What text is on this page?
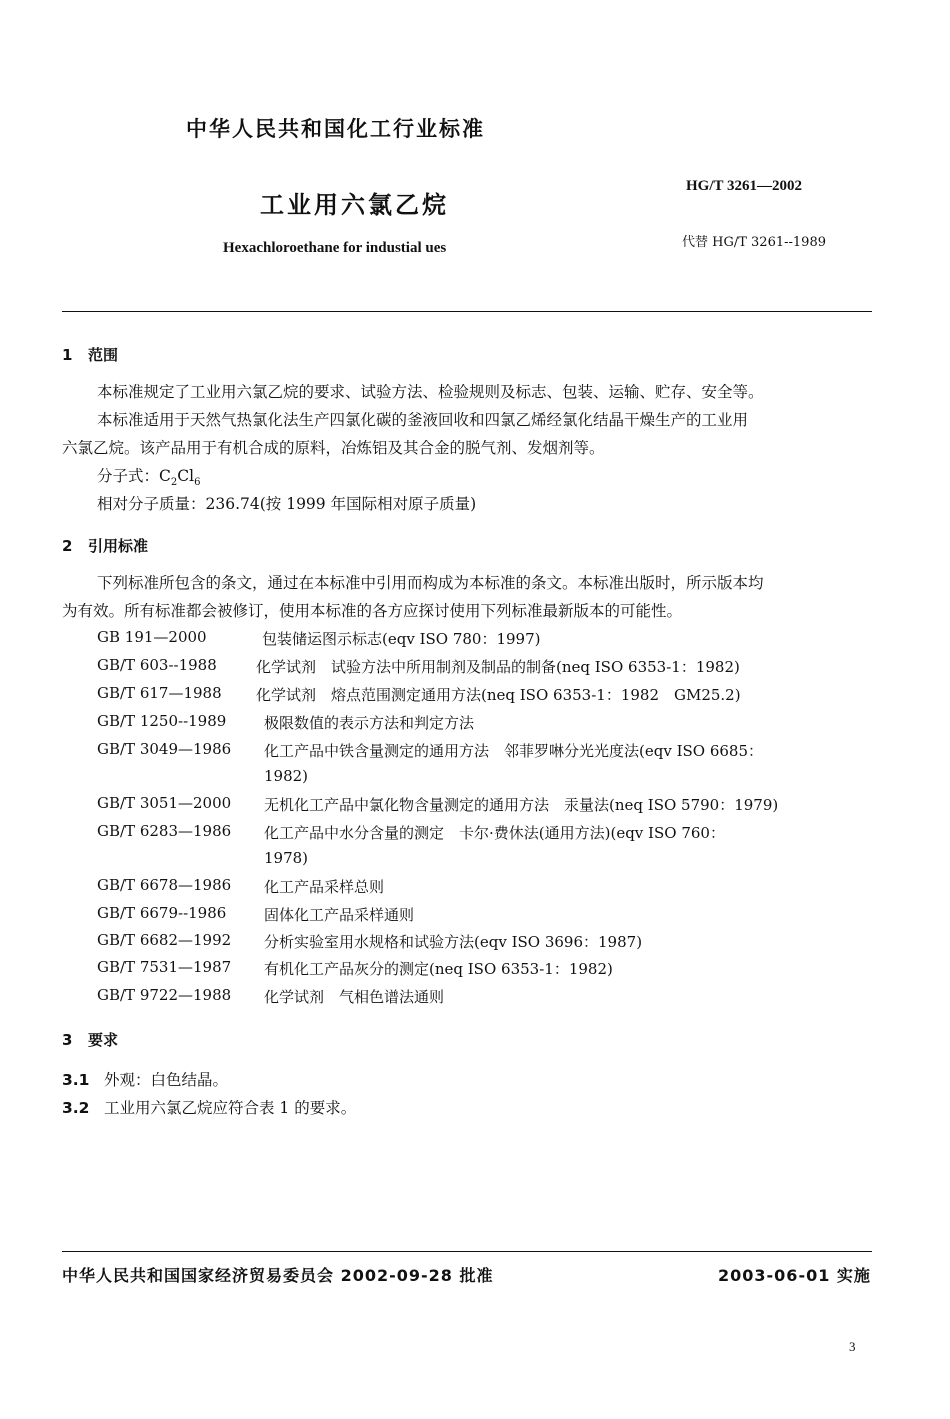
中华人民共和国化工行业标准
HG/T 3261—2002
工业用六氯乙烷
Hexachloroethane for industial ues	代替 HG/T 3261--1989
1 范围
本标准规定了工业用六氯乙烷的要求、试验方法、检验规则及标志、包装、运输、贮存、安全等。
本标准适用于天然气热氯化法生产四氯化碳的釜液回收和四氯乙烯经氯化结晶干燥生产的工业用
六氯乙烷。该产品用于有机合成的原料，冶炼铝及其合金的脱气剂、发烟剂等。
分子式：$C_2Cl_6$
相对分子质量：236.74(按 1999 年国际相对原子质量)
2 引用标准
下列标准所包含的条文，通过在本标准中引用而构成为本标准的条文。本标准出版时，所示版本均
为有效。所有标准都会被修订，使用本标准的各方应探讨使用下列标准最新版本的可能性。
GB 191—2000	包装储运图示标志(eqv ISO 780：1997)
GB/T 603--1988	化学试剂　试验方法中所用制剂及制品的制备(neq ISO 6353-1：1982)
GB/T 617—1988 化学试剂　熔点范围测定通用方法(neq ISO 6353-1：1982　GM25.2)
GB/T 1250--1989	极限数值的表示方法和判定方法
GB/T 3049—1986 化工产品中铁含量测定的通用方法　邻菲罗啉分光光度法(eqv ISO 6685：
1982)
GB/T 3051—2000 无机化工产品中氯化物含量测定的通用方法　汞量法(neq ISO 5790：1979)
GB/T 6283—1986 化工产品中水分含量的测定　卡尔·费休法(通用方法)(eqv ISO 760：
1978)
GB/T 6678—1986 化工产品采样总则
GB/T 6679--1986	固体化工产品采样通则
GB/T 6682—1992 分析实验室用水规格和试验方法(eqv ISO 3696：1987)
GB/T 7531—1987 有机化工产品灰分的测定(neq ISO 6353-1：1982)
GB/T 9722—1988 化学试剂　气相色谱法通则
3 要求
3.1 外观：白色结晶。
3.2 工业用六氯乙烷应符合表 1 的要求。
中华人民共和国国家经济贸易委员会 2002-09-28 批准	2003-06-01 实施
3
